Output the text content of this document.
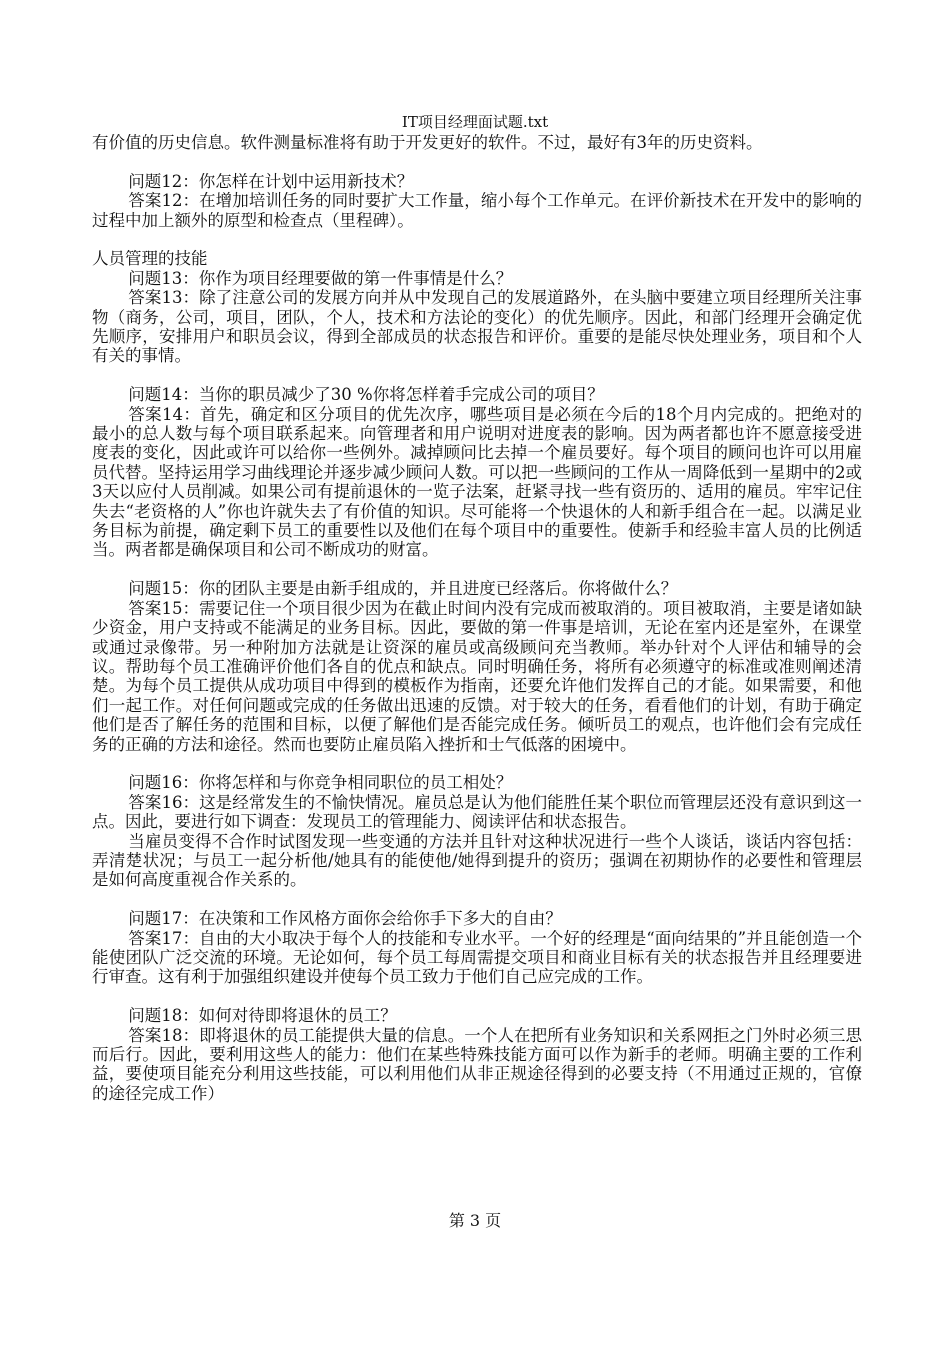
IT项目经理面试题.txt

有价值的历史信息。软件测量标准将有助于开发更好的软件。不过，最好有3年的历史资料。

问题12：你怎样在计划中运用新技术？

答案12：在增加培训任务的同时要扩大工作量，缩小每个工作单元。在评价新技术在开发中的影响的过程中加上额外的原型和检查点（里程碑）。

人员管理的技能

问题13：你作为项目经理要做的第一件事情是什么？

答案13：除了注意公司的发展方向并从中发现自己的发展道路外，在头脑中要建立项目经理所关注事物（商务，公司，项目，团队，个人，技术和方法论的变化）的优先顺序。因此，和部门经理开会确定优先顺序，安排用户和职员会议，得到全部成员的状态报告和评价。重要的是能尽快处理业务，项目和个人有关的事情。

问题14：当你的职员减少了30 %你将怎样着手完成公司的项目？

答案14：首先，确定和区分项目的优先次序，哪些项目是必须在今后的18个月内完成的。把绝对的最小的总人数与每个项目联系起来。向管理者和用户说明对进度表的影响。因为两者都也许不愿意接受进度表的变化，因此或许可以给你一些例外。减掉顾问比去掉一个雇员要好。每个项目的顾问也许可以用雇员代替。坚持运用学习曲线理论并逐步减少顾问人数。可以把一些顾问的工作从一周降低到一星期中的2或3天以应付人员削减。如果公司有提前退休的一览子法案，赶紧寻找一些有资历的、适用的雇员。牢牢记住失去“老资格的人”你也许就失去了有价值的知识。尽可能将一个快退休的人和新手组合在一起。以满足业务目标为前提，确定剩下员工的重要性以及他们在每个项目中的重要性。使新手和经验丰富人员的比例适当。两者都是确保项目和公司不断成功的财富。

问题15：你的团队主要是由新手组成的，并且进度已经落后。你将做什么？

答案15：需要记住一个项目很少因为在截止时间内没有完成而被取消的。项目被取消，主要是诸如缺少资金，用户支持或不能满足的业务目标。因此，要做的第一件事是培训，无论在室内还是室外，在课堂或通过录像带。另一种附加方法就是让资深的雇员或高级顾问充当教师。举办针对个人评估和辅导的会议。帮助每个员工准确评价他们各自的优点和缺点。同时明确任务，将所有必须遵守的标准或准则阐述清楚。为每个员工提供从成功项目中得到的模板作为指南，还要允许他们发挥自己的才能。如果需要，和他们一起工作。对任何问题或完成的任务做出迅速的反馈。对于较大的任务，看看他们的计划，有助于确定他们是否了解任务的范围和目标，以便了解他们是否能完成任务。倾听员工的观点，也许他们会有完成任务的正确的方法和途径。然而也要防止雇员陷入挫折和士气低落的困境中。

问题16：你将怎样和与你竞争相同职位的员工相处？

答案16：这是经常发生的不愉快情况。雇员总是认为他们能胜任某个职位而管理层还没有意识到这一点。因此，要进行如下调查：发现员工的管理能力、阅读评估和状态报告。

当雇员变得不合作时试图发现一些变通的方法并且针对这种状况进行一些个人谈话，谈话内容包括：弄清楚状况；与员工一起分析他/她具有的能使他/她得到提升的资历；强调在初期协作的必要性和管理层是如何高度重视合作关系的。

问题17：在决策和工作风格方面你会给你手下多大的自由？

答案17：自由的大小取决于每个人的技能和专业水平。一个好的经理是“面向结果的”并且能创造一个能使团队广泛交流的环境。无论如何，每个员工每周需提交项目和商业目标有关的状态报告并且经理要进行审查。这有利于加强组织建设并使每个员工致力于他们自己应完成的工作。

问题18：如何对待即将退休的员工？

答案18：即将退休的员工能提供大量的信息。一个人在把所有业务知识和关系网拒之门外时必须三思而后行。因此，要利用这些人的能力：他们在某些特殊技能方面可以作为新手的老师。明确主要的工作利益，要使项目能充分利用这些技能，可以利用他们从非正规途径得到的必要支持（不用通过正规的，官僚的途径完成工作）

第 3 页
